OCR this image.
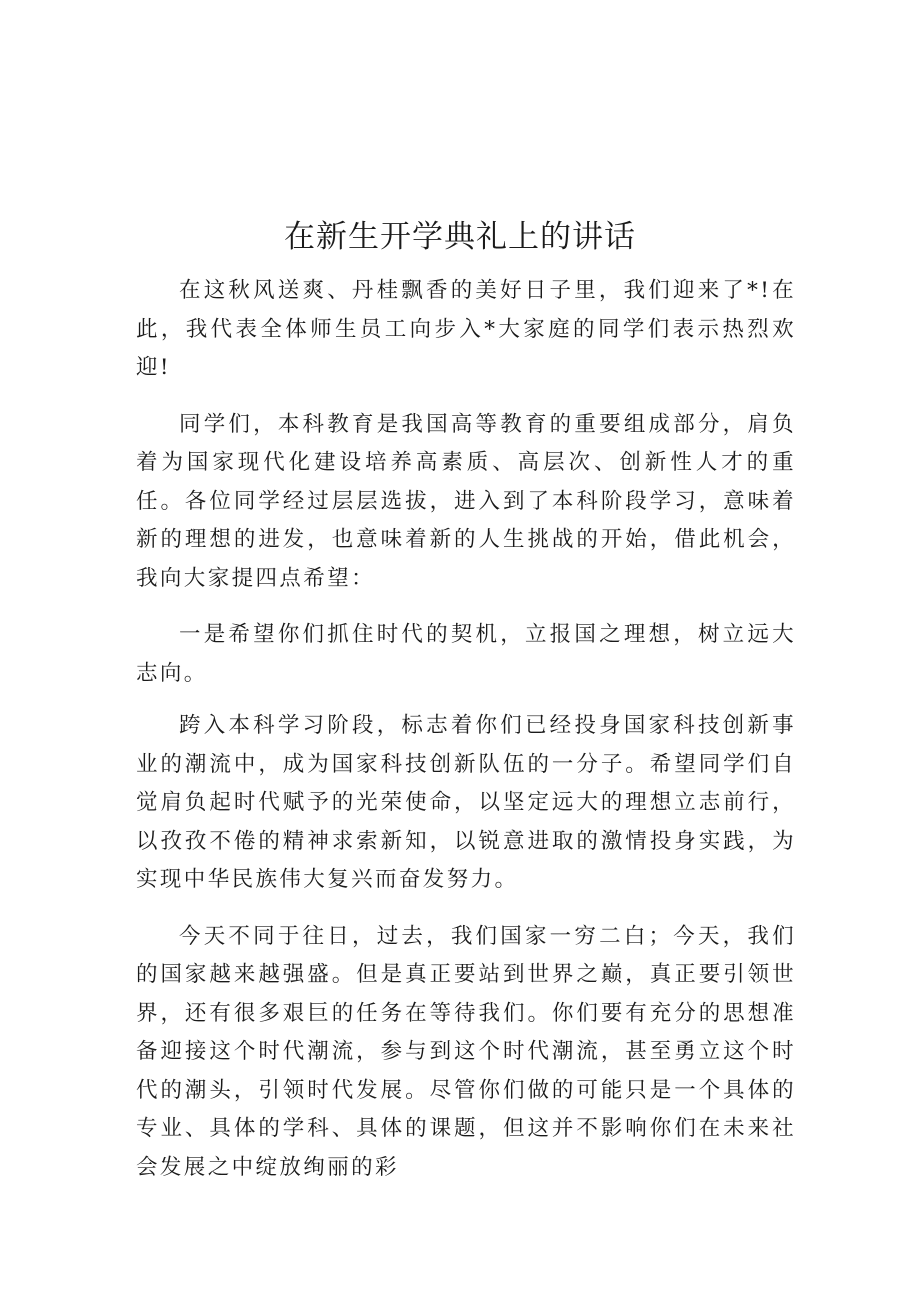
在新生开学典礼上的讲话

在这秋风送爽、丹桂飘香的美好日子里，我们迎来了*!在此，我代表全体师生员工向步入*大家庭的同学们表示热烈欢迎!

同学们，本科教育是我国高等教育的重要组成部分，肩负着为国家现代化建设培养高素质、高层次、创新性人才的重任。各位同学经过层层选拔，进入到了本科阶段学习，意味着新的理想的进发，也意味着新的人生挑战的开始，借此机会，我向大家提四点希望：

一是希望你们抓住时代的契机，立报国之理想，树立远大志向。

跨入本科学习阶段，标志着你们已经投身国家科技创新事业的潮流中，成为国家科技创新队伍的一分子。希望同学们自觉肩负起时代赋予的光荣使命，以坚定远大的理想立志前行，以孜孜不倦的精神求索新知，以锐意进取的激情投身实践，为实现中华民族伟大复兴而奋发努力。

今天不同于往日，过去，我们国家一穷二白；今天，我们的国家越来越强盛。但是真正要站到世界之巅，真正要引领世界，还有很多艰巨的任务在等待我们。你们要有充分的思想准备迎接这个时代潮流，参与到这个时代潮流，甚至勇立这个时代的潮头，引领时代发展。尽管你们做的可能只是一个具体的专业、具体的学科、具体的课题，但这并不影响你们在未来社会发展之中绽放绚丽的彩
